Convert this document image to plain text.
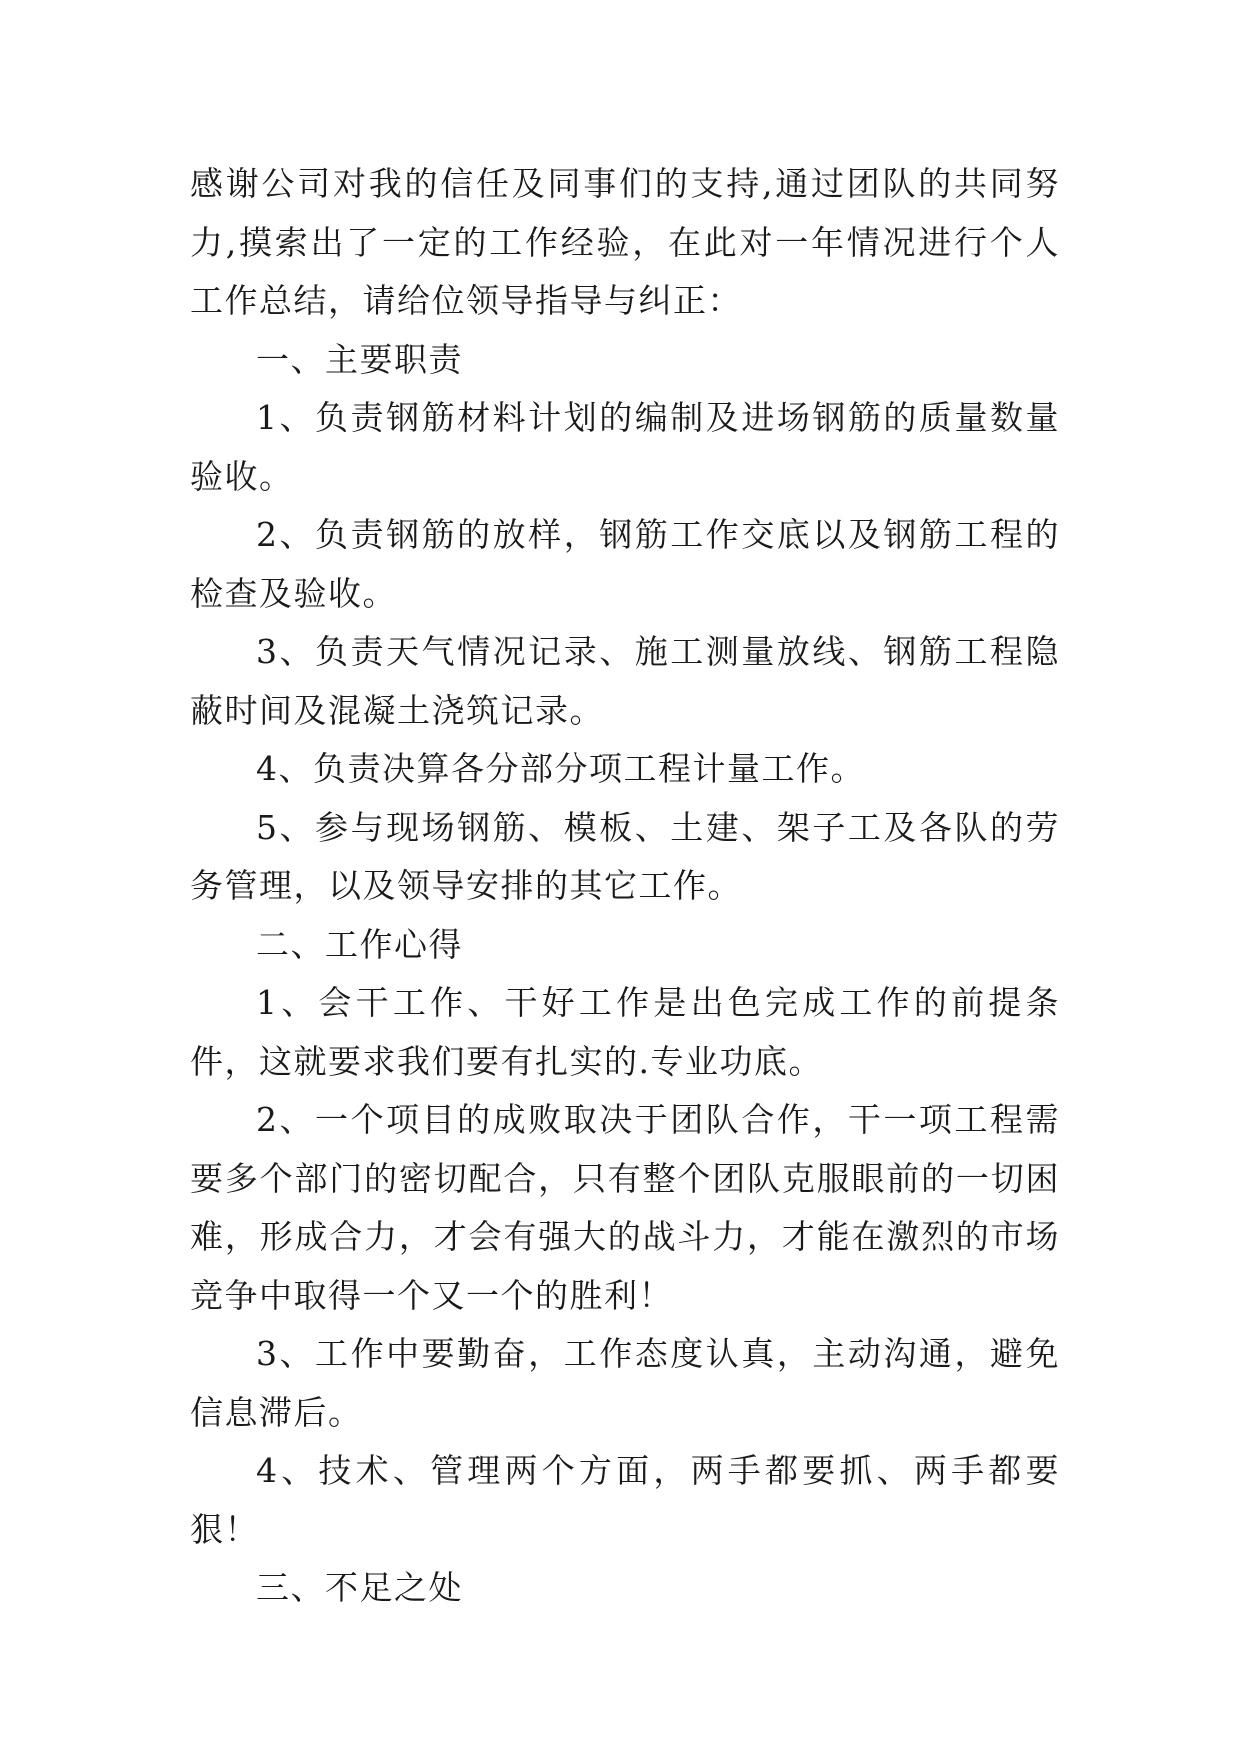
感谢公司对我的信任及同事们的支持,通过团队的共同努力,摸索出了一定的工作经验，在此对一年情况进行个人工作总结，请给位领导指导与纠正：

一、主要职责

1、负责钢筋材料计划的编制及进场钢筋的质量数量验收。

2、负责钢筋的放样，钢筋工作交底以及钢筋工程的检查及验收。

3、负责天气情况记录、施工测量放线、钢筋工程隐蔽时间及混凝土浇筑记录。

4、负责决算各分部分项工程计量工作。

5、参与现场钢筋、模板、土建、架子工及各队的劳务管理，以及领导安排的其它工作。

二、工作心得

1、会干工作、干好工作是出色完成工作的前提条件，这就要求我们要有扎实的.专业功底。

2、一个项目的成败取决于团队合作，干一项工程需要多个部门的密切配合，只有整个团队克服眼前的一切困难，形成合力，才会有强大的战斗力，才能在激烈的市场竞争中取得一个又一个的胜利！

3、工作中要勤奋，工作态度认真，主动沟通，避免信息滞后。

4、技术、管理两个方面，两手都要抓、两手都要狠！

三、不足之处
